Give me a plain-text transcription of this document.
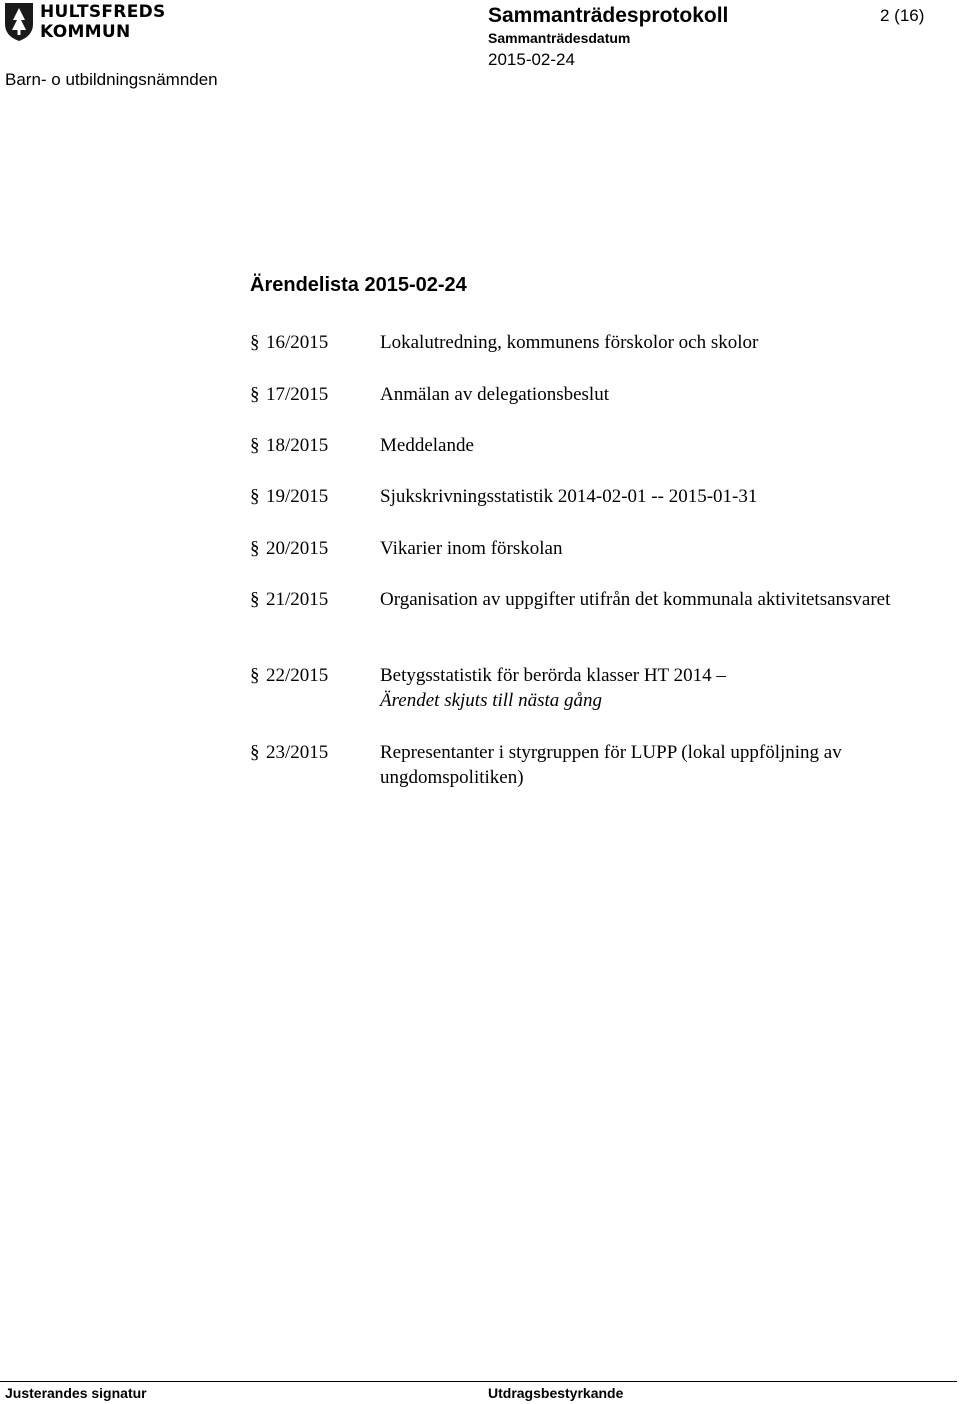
HULTSFREDS
KOMMUN
Barn- o utbildningsnämnden
Sammanträdesprotokoll
Sammanträdesdatum
2015-02-24
2 (16)
Ärendelista 2015-02-24
§ 16/2015	Lokalutredning, kommunens förskolor och skolor
§ 17/2015	Anmälan av delegationsbeslut
§ 18/2015	Meddelande
§ 19/2015	Sjukskrivningsstatistik 2014-02-01 -- 2015-01-31
§ 20/2015	Vikarier inom förskolan
§ 21/2015	Organisation av uppgifter utifrån det kommunala aktivitetsansvaret
§ 22/2015	Betygsstatistik för berörda klasser HT 2014 –
Ärendet skjuts till nästa gång
§ 23/2015	Representanter i styrgruppen för LUPP (lokal uppföljning av ungdomspolitiken)
Justerandes signatur	Utdragsbestyrkande
